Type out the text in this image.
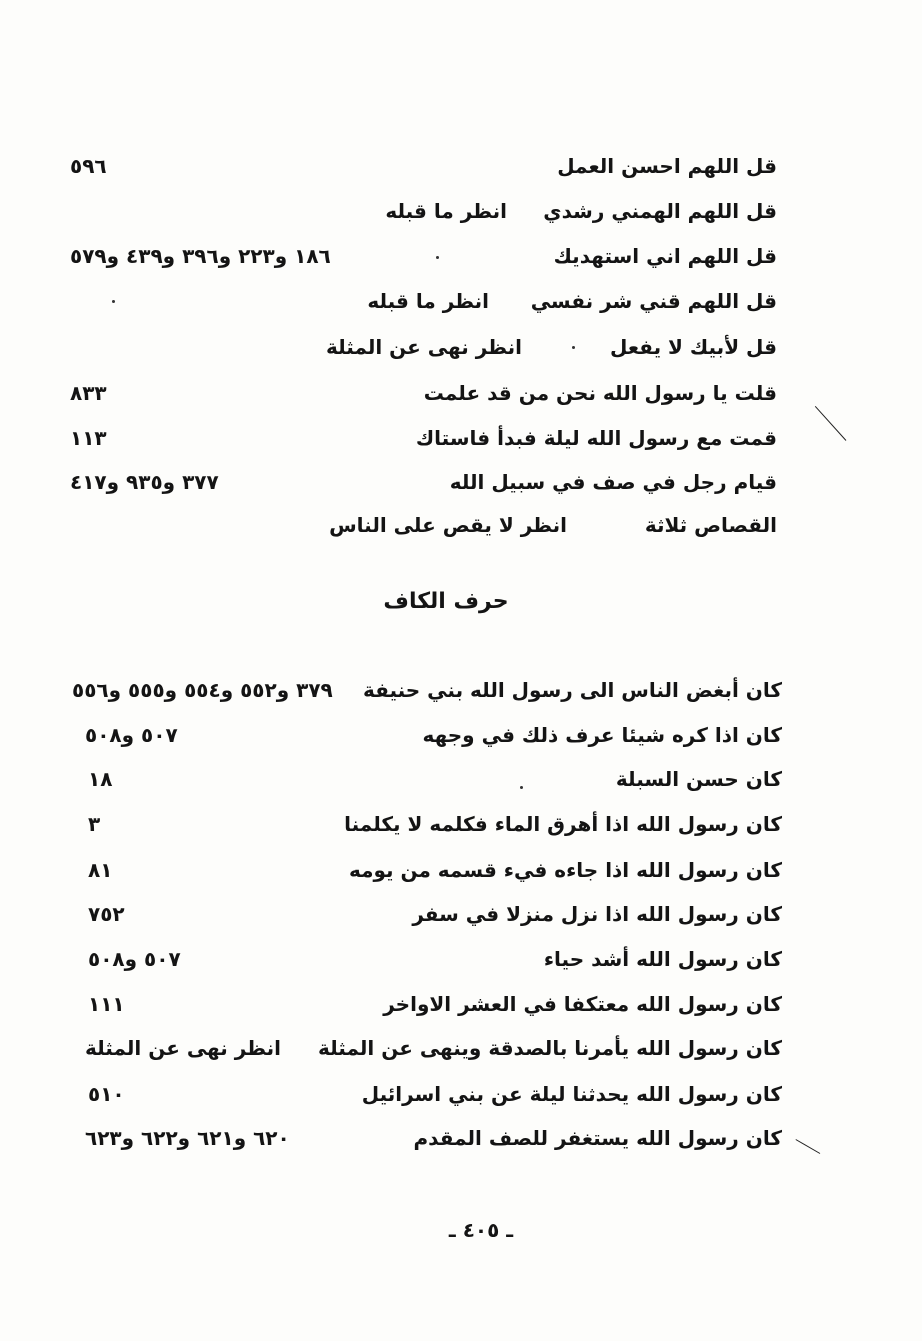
قل اللهم احسن العمل
٥٩٦
قل اللهم الهمني رشدي
انظر ما قبله
قل اللهم اني استهديك
١٨٦ و٢٢٣ و٣٩٦ و٤٣٩ و٥٧٩
قل اللهم قني شر نفسي
انظر ما قبله
قل لأبيك لا يفعل
انظر نهى عن المثلة
قلت يا رسول الله نحن من قد علمت
٨٣٣
قمت مع رسول الله ليلة فبدأ فاستاك
١١٣
قيام رجل في صف في سبيل الله
٣٧٧ و٩٣٥ و٤١٧
القصاص ثلاثة
انظر لا يقص على الناس
حرف الكاف
كان أبغض الناس الى رسول الله بني حنيفة
٣٧٩ و٥٥٢ و٥٥٤ و٥٥٥ و٥٥٦
كان اذا كره شيئا عرف ذلك في وجهه
٥٠٧ و٥٠٨
كان حسن السبلة
١٨
كان رسول الله اذا أهرق الماء فكلمه لا يكلمنا
٣
كان رسول الله اذا جاءه فيء قسمه من يومه
٨١
كان رسول الله اذا نزل منزلا في سفر
٧٥٢
كان رسول الله أشد حياء
٥٠٧ و٥٠٨
كان رسول الله معتكفا في العشر الاواخر
١١١
كان رسول الله يأمرنا بالصدقة وينهى عن المثلة
انظر نهى عن المثلة
كان رسول الله يحدثنا ليلة عن بني اسرائيل
٥١٠
كان رسول الله يستغفر للصف المقدم
٦٢٠ و٦٢١ و٦٢٢ و٦٢٣
ـ ٤٠٥ ـ
